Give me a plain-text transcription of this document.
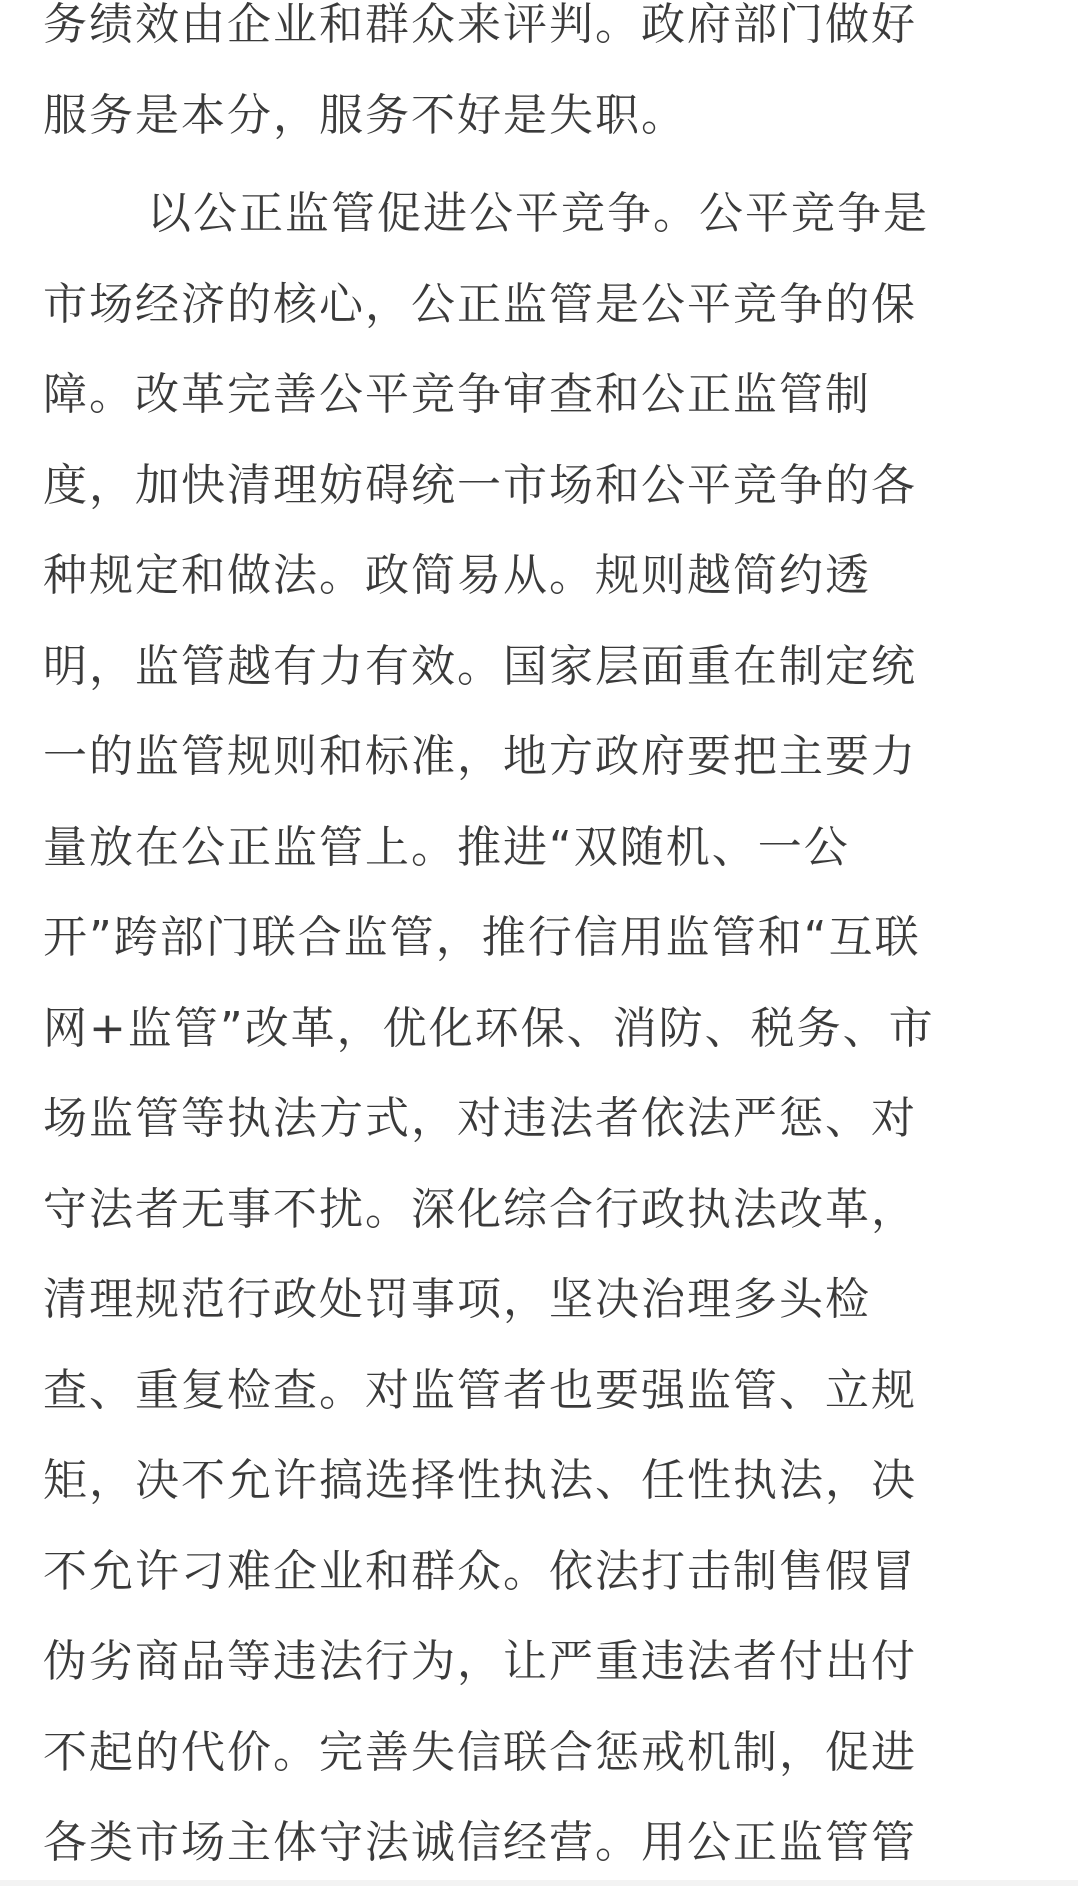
务绩效由企业和群众来评判。政府部门做好
服务是本分，服务不好是失职。

以公正监管促进公平竞争。公平竞争是
市场经济的核心，公正监管是公平竞争的保
障。改革完善公平竞争审查和公正监管制
度，加快清理妨碍统一市场和公平竞争的各
种规定和做法。政简易从。规则越简约透
明，监管越有力有效。国家层面重在制定统
一的监管规则和标准，地方政府要把主要力
量放在公正监管上。推进“双随机、一公
开”跨部门联合监管，推行信用监管和“互联
网+监管”改革，优化环保、消防、税务、市
场监管等执法方式，对违法者依法严惩、对
守法者无事不扰。深化综合行政执法改革，
清理规范行政处罚事项，坚决治理多头检
查、重复检查。对监管者也要强监管、立规
矩，决不允许搞选择性执法、任性执法，决
不允许刁难企业和群众。依法打击制售假冒
伪劣商品等违法行为，让严重违法者付出付
不起的代价。完善失信联合惩戒机制，促进
各类市场主体守法诚信经营。用公正监管管
